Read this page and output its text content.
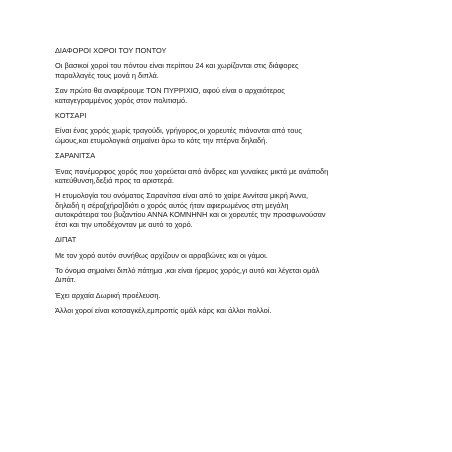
ΔΙΑΦΟΡΟΙ ΧΟΡΟΙ ΤΟΥ ΠΟΝΤΟΥ

Οι βασικοί χοροί του πόντου είναι περίπου 24 και χωρίζονται στις διάφορες

παραλλαγές τους μονά η διπλά.

Σαν πρώτο θα αναφέρουμε ΤΟΝ ΠΥΡΡΙΧΙΟ, αφού είναι ο αρχαιότερος

καταγεγραμμένος χορός στον πολιτισμό.

ΚΟΤΣΑΡΙ

Είναι ένας χορός χωρίς τραγούδι, γρήγορος,οι χορευτές πιάνονται από τους

ώμους,και ετυμολογικά σημαίνει άρω το κότς την πτέρνα δηλαδή.

ΣΑΡΑΝΙΤΣΑ

Ένας πανέμορφος χορός που χορεύεται από άνδρες και γυναίκες μικτά με ανάποδη

κατεύθυνση,δεξιά προς τα αριστερά.

Η ετυμολογία του ονόματος Σαρανίτσα είναι από το χαίρε Αννίτσα μικρή Άννα,

δηλαδή η σέρα[χήρα]διότι ο χορός αυτός ήταν αφιερωμένος στη μεγάλη

αυτοκράτειρα του βυζαντίου ΑΝΝΑ ΚΟΜΝΗΝΗ και οι χορευτές την προσφωνούσαν

έτσι και την υποδέχονταν με αυτό το χορό.

ΔΙΠΑΤ

Με τον χορό αυτόν συνήθως αρχίζουν οι αρραβώνες και οι γάμοι.

Το όνομα σημαίνει διπλό πάτημα ,και είναι ήρεμος χορός,γι αυτό και λέγεται ομάλ

Διπάτ.

Έχει αρχαία Δωρική προέλευση.

Άλλοι χοροί είναι κοτσαγκέλ,εμπροπίς ομάλ κάρς και άλλοι πολλοί.
